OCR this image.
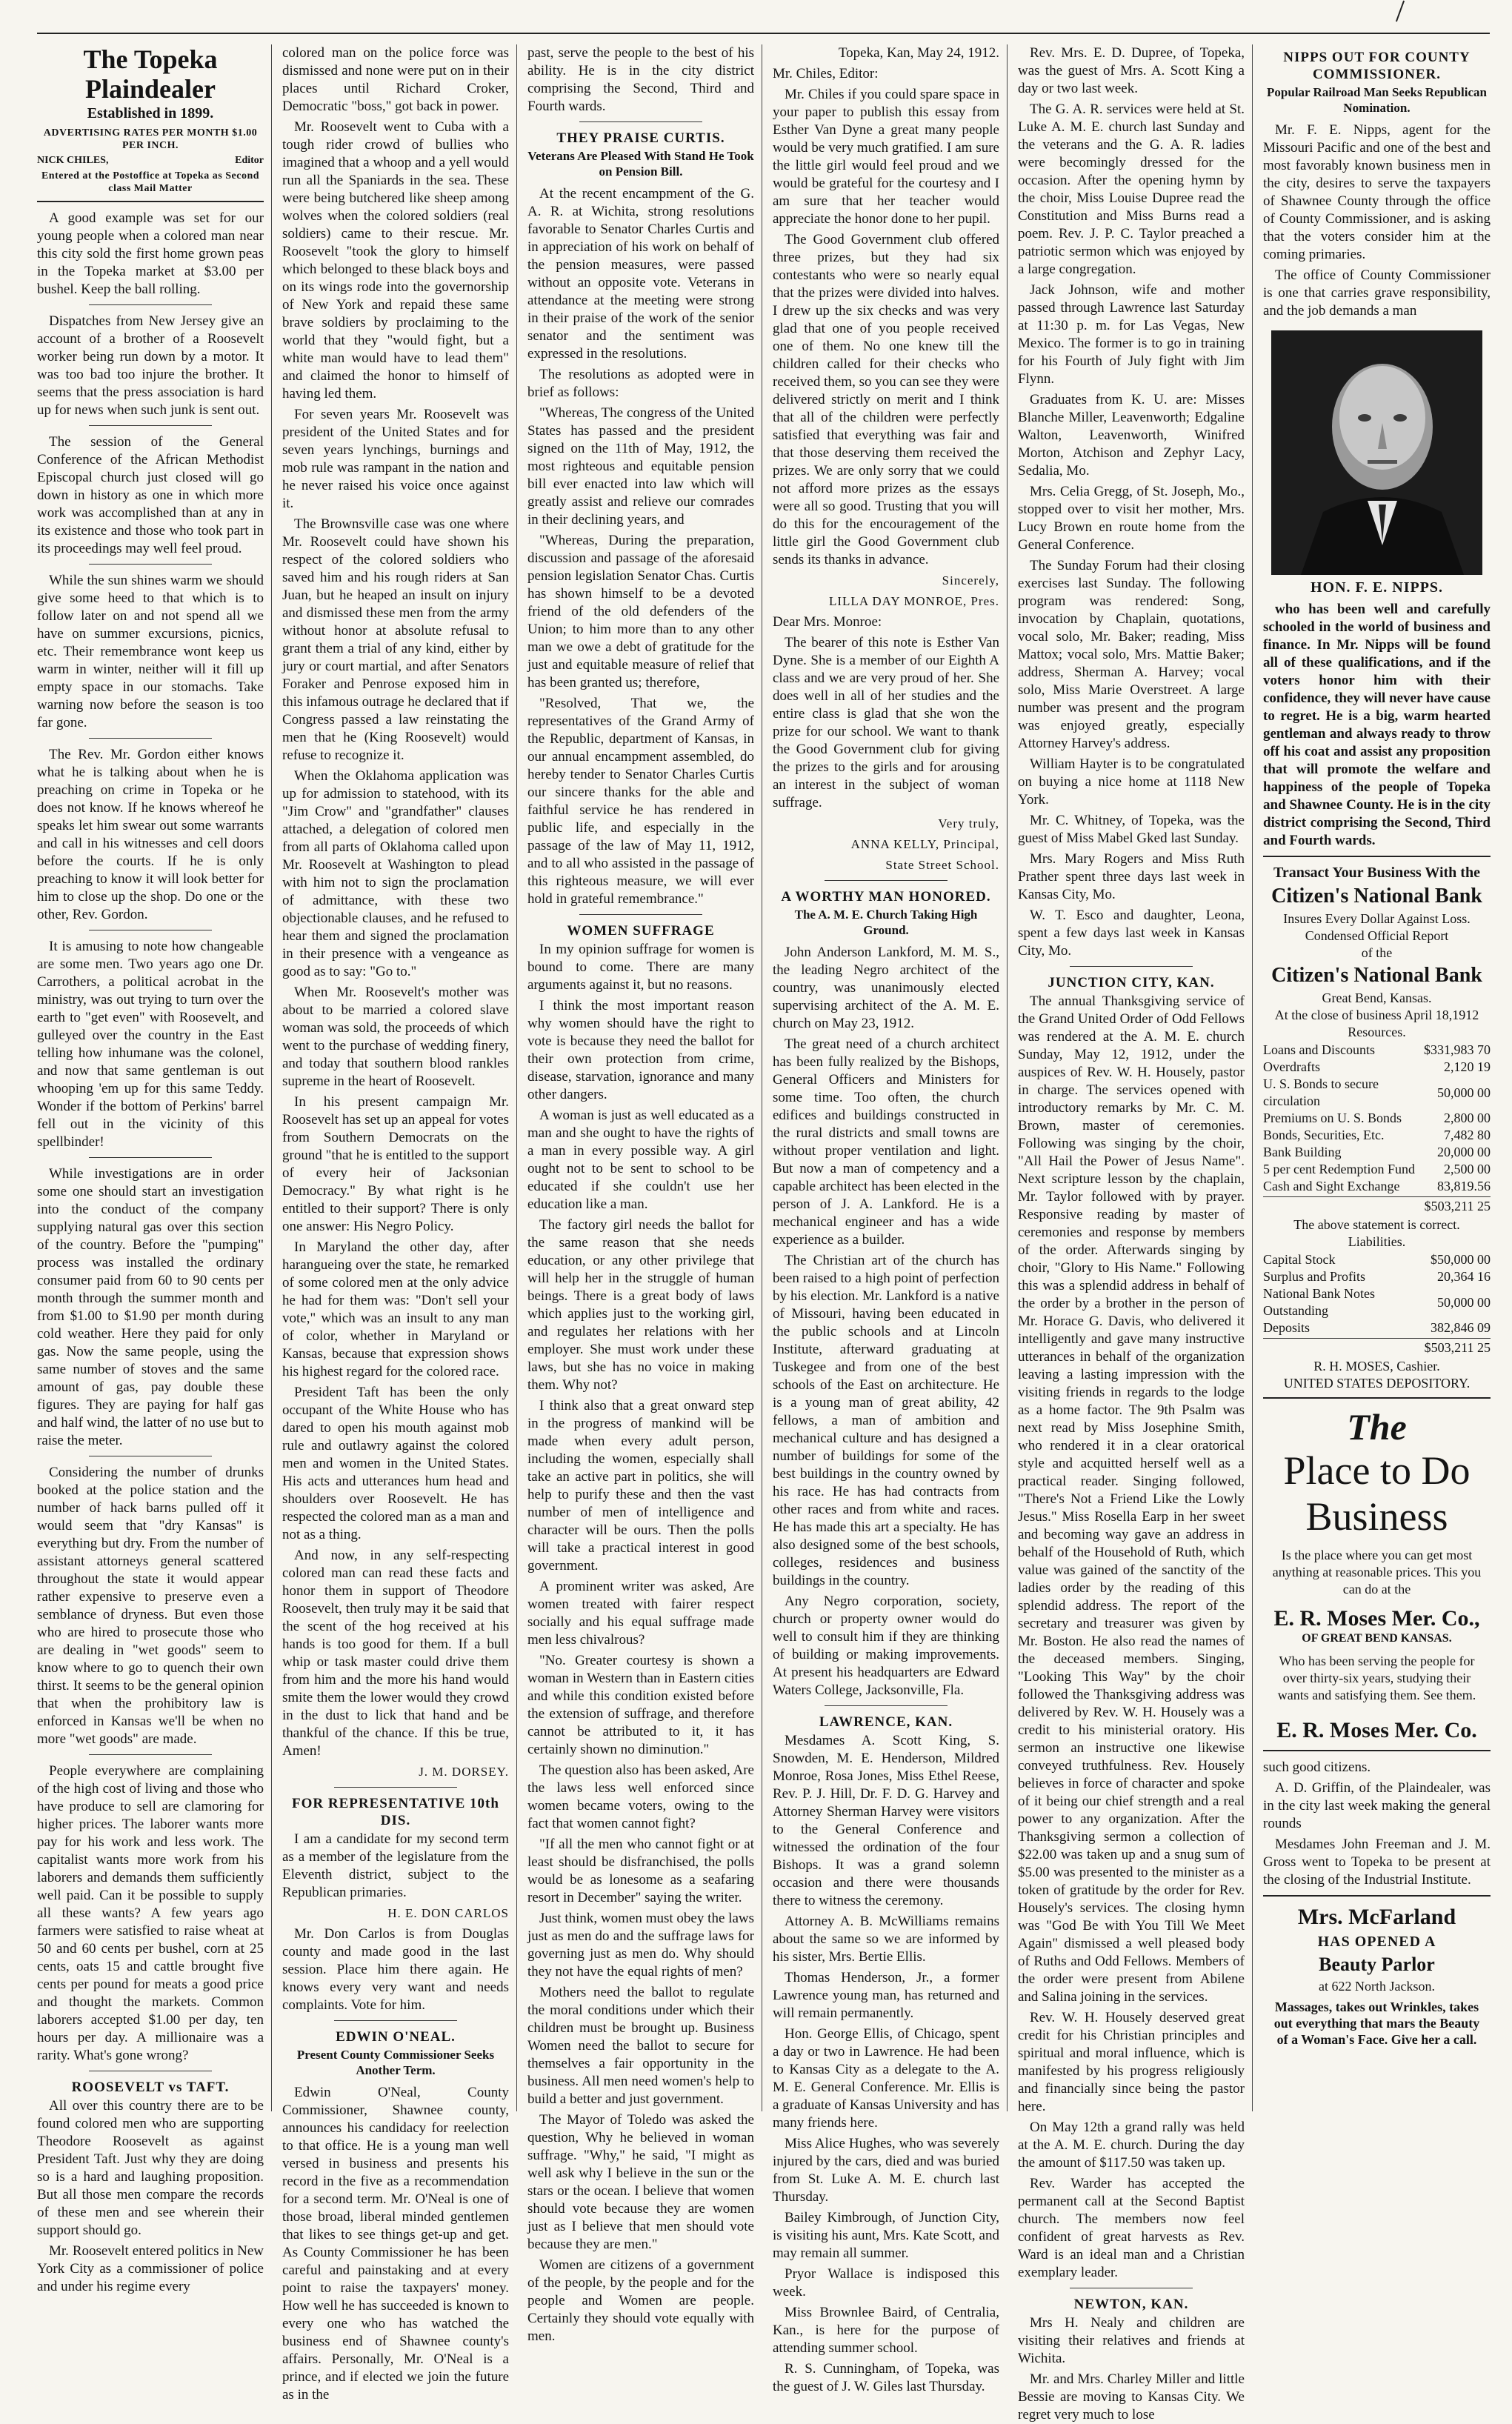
The Topeka Plaindealer
Established in 1899.
ADVERTISING RATES PER MONTH $1.00 PER INCH.
NICK CHILES,	Editor
Entered at the Postoffice at Topeka as Second class Mail Matter

A good example was set for our young people when a colored man near this city sold the first home grown peas in the Topeka market at $3.00 per bushel. Keep the ball rolling.

Dispatches from New Jersey give an account of a brother of a Roosevelt worker being run down by a motor. It was too bad too injure the brother. It seems that the press association is hard up for news when such junk is sent out.

The session of the General Conference of the African Methodist Episcopal church just closed will go down in history as one in which more work was accomplished than at any in its existence and those who took part in its proceedings may well feel proud.

While the sun shines warm we should give some heed to that which is to follow later on and not spend all we have on summer excursions, picnics, etc. Their remembrance wont keep us warm in winter, neither will it fill up empty space in our stomachs. Take warning now before the season is too far gone.

The Rev. Mr. Gordon either knows what he is talking about when he is preaching on crime in Topeka or he does not know. If he knows whereof he speaks let him swear out some warrants and call in his witnesses and cell doors before the courts. If he is only preaching to know it will look better for him to close up the shop. Do one or the other, Rev. Gordon.

It is amusing to note how changeable are some men. Two years ago one Dr. Carrothers, a political acrobat in the ministry, was out trying to turn over the earth to "get even" with Roosevelt, and gulleyed over the country in the East telling how inhumane was the colonel, and now that same gentleman is out whooping 'em up for this same Teddy. Wonder if the bottom of Perkins' barrel fell out in the vicinity of this spellbinder!

While investigations are in order some one should start an investigation into the conduct of the company supplying natural gas over this section of the country. Before the "pumping" process was installed the ordinary consumer paid from 60 to 90 cents per month through the summer month and from $1.00 to $1.90 per month during cold weather. Here they paid for only gas. Now the same people, using the same number of stoves and the same amount of gas, pay double these figures. They are paying for half gas and half wind, the latter of no use but to raise the meter.

Considering the number of drunks booked at the police station and the number of hack barns pulled off it would seem that "dry Kansas" is everything but dry. From the number of assistant attorneys general scattered throughout the state it would appear rather expensive to preserve even a semblance of dryness. But even those who are hired to prosecute those who are dealing in "wet goods" seem to know where to go to quench their own thirst. It seems to be the general opinion that when the prohibitory law is enforced in Kansas we'll be when no more "wet goods" are made.

People everywhere are complaining of the high cost of living and those who have produce to sell are clamoring for higher prices. The laborer wants more pay for his work and less work. The capitalist wants more work from his laborers and demands them sufficiently well paid. Can it be possible to supply all these wants? A few years ago farmers were satisfied to raise wheat at 50 and 60 cents per bushel, corn at 25 cents, oats 15 and cattle brought five cents per pound for meats a good price and thought the markets. Common laborers accepted $1.00 per day, ten hours per day. A millionaire was a rarity. What's gone wrong?

ROOSEVELT vs TAFT.

All over this country there are to be found colored men who are supporting Theodore Roosevelt as against President Taft. Just why they are doing so is a hard and laughing proposition. But all those men compare the records of these men and see wherein their support should go.

Mr. Roosevelt entered politics in New York City as a commissioner of police and under his regime every

colored man on the police force was dismissed and none were put on in their places until Richard Croker, Democratic "boss," got back in power.

Mr. Roosevelt went to Cuba with a tough rider crowd of bullies who imagined that a whoop and a yell would run all the Spaniards in the sea. These were being butchered like sheep among wolves when the colored soldiers (real soldiers) came to their rescue. Mr. Roosevelt "took the glory to himself which belonged to these black boys and on its wings rode into the governorship of New York and repaid these same brave soldiers by proclaiming to the world that they "would fight, but a white man would have to lead them" and claimed the honor to himself of having led them.

For seven years Mr. Roosevelt was president of the United States and for seven years lynchings, burnings and mob rule was rampant in the nation and he never raised his voice once against it.

The Brownsville case was one where Mr. Roosevelt could have shown his respect of the colored soldiers who saved him and his rough riders at San Juan, but he heaped an insult on injury and dismissed these men from the army without honor at absolute refusal to grant them a trial of any kind, either by jury or court martial, and after Senators Foraker and Penrose exposed him in this infamous outrage he declared that if Congress passed a law reinstating the men that he (King Roosevelt) would refuse to recognize it.

When the Oklahoma application was up for admission to statehood, with its "Jim Crow" and "grandfather" clauses attached, a delegation of colored men from all parts of Oklahoma called upon Mr. Roosevelt at Washington to plead with him not to sign the proclamation of admittance, with these two objectionable clauses, and he refused to hear them and signed the proclamation in their presence with a vengeance as good as to say: "Go to."

When Mr. Roosevelt's mother was about to be married a colored slave woman was sold, the proceeds of which went to the purchase of wedding finery, and today that southern blood rankles supreme in the heart of Roosevelt.

In his present campaign Mr. Roosevelt has set up an appeal for votes from Southern Democrats on the ground "that he is entitled to the support of every heir of Jacksonian Democracy." By what right is he entitled to their support? There is only one answer: His Negro Policy.

In Maryland the other day, after harangueing over the state, he remarked of some colored men at the only advice he had for them was: "Don't sell your vote," which was an insult to any man of color, whether in Maryland or Kansas, because that expression shows his highest regard for the colored race.

President Taft has been the only occupant of the White House who has dared to open his mouth against mob rule and outlawry against the colored men and women in the United States. His acts and utterances hum head and shoulders over Roosevelt. He has respected the colored man as a man and not as a thing.

And now, in any self-respecting colored man can read these facts and honor them in support of Theodore Roosevelt, then truly may it be said that the scent of the hog received at his hands is too good for them. If a bull whip or task master could drive them from him and the more his hand would smite them the lower would they crowd in the dust to lick that hand and be thankful of the chance. If this be true, Amen!

J. M. DORSEY.

FOR REPRESENTATIVE 10th DIS.

I am a candidate for my second term as a member of the legislature from the Eleventh district, subject to the Republican primaries.

H. E. DON CARLOS

Mr. Don Carlos is from Douglas county and made good in the last session. Place him there again. He knows every very want and needs complaints. Vote for him.

EDWIN O'NEAL.
Present County Commissioner Seeks Another Term.

Edwin O'Neal, County Commissioner, Shawnee county, announces his candidacy for reelection to that office. He is a young man well versed in business and presents his record in the five as a recommendation for a second term. Mr. O'Neal is one of those broad, liberal minded gentlemen that likes to see things get-up and get. As County Commissioner he has been careful and painstaking and at every point to raise the taxpayers' money. How well he has succeeded is known to every one who has watched the business end of Shawnee county's affairs. Personally, Mr. O'Neal is a prince, and if elected we join the future as in the

past, serve the people to the best of his ability. He is in the city district comprising the Second, Third and Fourth wards.

THEY PRAISE CURTIS.
Veterans Are Pleased With Stand He Took on Pension Bill.

At the recent encampment of the G. A. R. at Wichita, strong resolutions favorable to Senator Charles Curtis and in appreciation of his work on behalf of the pension measures, were passed without an opposite vote. Veterans in attendance at the meeting were strong in their praise of the work of the senior senator and the sentiment was expressed in the resolutions.

The resolutions as adopted were in brief as follows:

"Whereas, The congress of the United States has passed and the president signed on the 11th of May, 1912, the most righteous and equitable pension bill ever enacted into law which will greatly assist and relieve our comrades in their declining years, and

"Whereas, During the preparation, discussion and passage of the aforesaid pension legislation Senator Chas. Curtis has shown himself to be a devoted friend of the old defenders of the Union; to him more than to any other man we owe a debt of gratitude for the just and equitable measure of relief that has been granted us; therefore,

"Resolved, That we, the representatives of the Grand Army of the Republic, department of Kansas, in our annual encampment assembled, do hereby tender to Senator Charles Curtis our sincere thanks for the able and faithful service he has rendered in public life, and especially in the passage of the law of May 11, 1912, and to all who assisted in the passage of this righteous measure, we will ever hold in grateful remembrance."

WOMEN SUFFRAGE

In my opinion suffrage for women is bound to come. There are many arguments against it, but no reasons.

I think the most important reason why women should have the right to vote is because they need the ballot for their own protection from crime, disease, starvation, ignorance and many other dangers.

A woman is just as well educated as a man and she ought to have the rights of a man in every possible way. A girl ought not to be sent to school to be educated if she couldn't use her education like a man.

The factory girl needs the ballot for the same reason that she needs education, or any other privilege that will help her in the struggle of human beings. There is a great body of laws which applies just to the working girl, and regulates her relations with her employer. She must work under these laws, but she has no voice in making them. Why not?

I think also that a great onward step in the progress of mankind will be made when every adult person, including the women, especially shall take an active part in politics, she will help to purify these and then the vast number of men of intelligence and character will be ours. Then the polls will take a practical interest in good government.

A prominent writer was asked, Are women treated with fairer respect socially and his equal suffrage made men less chivalrous?

"No. Greater courtesy is shown a woman in Western than in Eastern cities and while this condition existed before the extension of suffrage, and therefore cannot be attributed to it, it has certainly shown no diminution."

The question also has been asked, Are the laws less well enforced since women became voters, owing to the fact that women cannot fight?

"If all the men who cannot fight or at least should be disfranchised, the polls would be as lonesome as a seafaring resort in December" saying the writer.

Just think, women must obey the laws just as men do and the suffrage laws for governing just as men do. Why should they not have the equal rights of men?

Mothers need the ballot to regulate the moral conditions under which their children must be brought up. Business Women need the ballot to secure for themselves a fair opportunity in the business. All men need women's help to build a better and just government.

The Mayor of Toledo was asked the question, Why he believed in woman suffrage. "Why," he said, "I might as well ask why I believe in the sun or the stars or the ocean. I believe that women should vote because they are women just as I believe that men should vote because they are men."

Women are citizens of a government of the people, by the people and for the people and Women are people. Certainly they should vote equally with men.

Topeka, Kan, May 24, 1912.

Mr. Chiles, Editor:

Mr. Chiles if you could spare space in your paper to publish this essay from Esther Van Dyne a great many people would be very much gratified. I am sure the little girl would feel proud and we would be grateful for the courtesy and I am sure that her teacher would appreciate the honor done to her pupil.

The Good Government club offered three prizes, but they had six contestants who were so nearly equal that the prizes were divided into halves. I drew up the six checks and was very glad that one of you people received one of them. No one knew till the children called for their checks who received them, so you can see they were delivered strictly on merit and I think that all of the children were perfectly satisfied that everything was fair and that those deserving them received the prizes. We are only sorry that we could not afford more prizes as the essays were all so good. Trusting that you will do this for the encouragement of the little girl the Good Government club sends its thanks in advance.

Sincerely,

LILLA DAY MONROE, Pres.

Dear Mrs. Monroe:

The bearer of this note is Esther Van Dyne. She is a member of our Eighth A class and we are very proud of her. She does well in all of her studies and the entire class is glad that she won the prize for our school. We want to thank the Good Government club for giving the prizes to the girls and for arousing an interest in the subject of woman suffrage.

Very truly,

ANNA KELLY, Principal,

State Street School.

A WORTHY MAN HONORED.
The A. M. E. Church Taking High Ground.

John Anderson Lankford, M. M. S., the leading Negro architect of the country, was unanimously elected supervising architect of the A. M. E. church on May 23, 1912.

The great need of a church architect has been fully realized by the Bishops, General Officers and Ministers for some time. Too often, the church edifices and buildings constructed in the rural districts and small towns are without proper ventilation and light. But now a man of competency and a capable architect has been elected in the person of J. A. Lankford. He is a mechanical engineer and has a wide experience as a builder.

The Christian art of the church has been raised to a high point of perfection by his election. Mr. Lankford is a native of Missouri, having been educated in the public schools and at Lincoln Institute, afterward graduating at Tuskegee and from one of the best schools of the East on architecture. He is a young man of great ability, 42 fellows, a man of ambition and mechanical culture and has designed a number of buildings for some of the best buildings in the country owned by his race. He has had contracts from other races and from white and races. He has made this art a specialty. He has also designed some of the best schools, colleges, residences and business buildings in the country.

Any Negro corporation, society, church or property owner would do well to consult him if they are thinking of building or making improvements. At present his headquarters are Edward Waters College, Jacksonville, Fla.

LAWRENCE, KAN.

Mesdames A. Scott King, S. Snowden, M. E. Henderson, Mildred Monroe, Rosa Jones, Miss Ethel Reese, Rev. P. J. Hill, Dr. F. D. G. Harvey and Attorney Sherman Harvey were visitors to the General Conference and witnessed the ordination of the four Bishops. It was a grand solemn occasion and there were thousands there to witness the ceremony.

Attorney A. B. McWilliams remains about the same so we are informed by his sister, Mrs. Bertie Ellis.

Thomas Henderson, Jr., a former Lawrence young man, has returned and will remain permanently.

Hon. George Ellis, of Chicago, spent a day or two in Lawrence. He had been to Kansas City as a delegate to the A. M. E. General Conference. Mr. Ellis is a graduate of Kansas University and has many friends here.

Miss Alice Hughes, who was severely injured by the cars, died and was buried from St. Luke A. M. E. church last Thursday.

Bailey Kimbrough, of Junction City, is visiting his aunt, Mrs. Kate Scott, and may remain all summer.

Pryor Wallace is indisposed this week.

Miss Brownlee Baird, of Centralia, Kan., is here for the purpose of attending summer school.

R. S. Cunningham, of Topeka, was the guest of J. W. Giles last Thursday.

Rev. Mrs. E. D. Dupree, of Topeka, was the guest of Mrs. A. Scott King a day or two last week.

The G. A. R. services were held at St. Luke A. M. E. church last Sunday and the veterans and the G. A. R. ladies were becomingly dressed for the occasion. After the opening hymn by the choir, Miss Louise Dupree read the Constitution and Miss Burns read a poem. Rev. J. P. C. Taylor preached a patriotic sermon which was enjoyed by a large congregation.

Jack Johnson, wife and mother passed through Lawrence last Saturday at 11:30 p. m. for Las Vegas, New Mexico. The former is to go in training for his Fourth of July fight with Jim Flynn.

Graduates from K. U. are: Misses Blanche Miller, Leavenworth; Edgaline Walton, Leavenworth, Winifred Morton, Atchison and Zephyr Lacy, Sedalia, Mo.

Mrs. Celia Gregg, of St. Joseph, Mo., stopped over to visit her mother, Mrs. Lucy Brown en route home from the General Conference.

The Sunday Forum had their closing exercises last Sunday. The following program was rendered: Song, invocation by Chaplain, quotations, vocal solo, Mr. Baker; reading, Miss Mattox; vocal solo, Mrs. Mattie Baker; address, Sherman A. Harvey; vocal solo, Miss Marie Overstreet. A large number was present and the program was enjoyed greatly, especially Attorney Harvey's address.

William Hayter is to be congratulated on buying a nice home at 1118 New York.

Mr. C. Whitney, of Topeka, was the guest of Miss Mabel Gked last Sunday.

Mrs. Mary Rogers and Miss Ruth Prather spent three days last week in Kansas City, Mo.

W. T. Esco and daughter, Leona, spent a few days last week in Kansas City, Mo.

JUNCTION CITY, KAN.

The annual Thanksgiving service of the Grand United Order of Odd Fellows was rendered at the A. M. E. church Sunday, May 12, 1912, under the auspices of Rev. W. H. Housely, pastor in charge. The services opened with introductory remarks by Mr. C. M. Brown, master of ceremonies. Following was singing by the choir, "All Hail the Power of Jesus Name". Next scripture lesson by the chaplain, Mr. Taylor followed with by prayer. Responsive reading by master of ceremonies and response by members of the order. Afterwards singing by choir, "Glory to His Name." Following this was a splendid address in behalf of the order by a brother in the person of Mr. Horace G. Davis, who delivered it intelligently and gave many instructive utterances in behalf of the organization leaving a lasting impression with the visiting friends in regards to the lodge as a home factor. The 9th Psalm was next read by Miss Josephine Smith, who rendered it in a clear oratorical style and acquitted herself well as a practical reader. Singing followed, "There's Not a Friend Like the Lowly Jesus." Miss Rosella Earp in her sweet and becoming way gave an address in behalf of the Household of Ruth, which value was gained of the sanctity of the ladies order by the reading of this splendid address. The report of the secretary and treasurer was given by Mr. Boston. He also read the names of the deceased members. Singing, "Looking This Way" by the choir followed the Thanksgiving address was delivered by Rev. W. H. Housely was a credit to his ministerial oratory. His sermon an instructive one likewise conveyed truthfulness. Rev. Housely believes in force of character and spoke of it being our chief strength and a real power to any organization. After the Thanksgiving sermon a collection of $22.00 was taken up and a snug sum of $5.00 was presented to the minister as a token of gratitude by the order for Rev. Housely's services. The closing hymn was "God Be with You Till We Meet Again" dismissed a well pleased body of Ruths and Odd Fellows. Members of the order were present from Abilene and Salina joining in the services.

Rev. W. H. Housely deserved great credit for his Christian principles and spiritual and moral influence, which is manifested by his progress religiously and financially since being the pastor here.

On May 12th a grand rally was held at the A. M. E. church. During the day the amount of $117.50 was taken up.

Rev. Warder has accepted the permanent call at the Second Baptist church. The members now feel confident of great harvests as Rev. Ward is an ideal man and a Christian exemplary leader.

NEWTON, KAN.

Mrs H. Nealy and children are visiting their relatives and friends at Wichita.

Mr. and Mrs. Charley Miller and little Bessie are moving to Kansas City. We regret very much to lose

NIPPS OUT FOR COUNTY COMMISSIONER.
Popular Railroad Man Seeks Republican Nomination.

Mr. F. E. Nipps, agent for the Missouri Pacific and one of the best and most favorably known business men in the city, desires to serve the taxpayers of Shawnee County through the office of County Commissioner, and is asking that the voters consider him at the coming primaries.

The office of County Commissioner is one that carries grave responsibility, and the job demands a man

HON. F. E. NIPPS.

who has been well and carefully schooled in the world of business and finance. In Mr. Nipps will be found all of these qualifications, and if the voters honor him with their confidence, they will never have cause to regret. He is a big, warm hearted gentleman and always ready to throw off his coat and assist any proposition that will promote the welfare and happiness of the people of Topeka and Shawnee County. He is in the city district comprising the Second, Third and Fourth wards.

Transact Your Business With the
Citizen's National Bank
Insures Every Dollar Against Loss.
Condensed Official Report
of the
Citizen's National Bank
Great Bend, Kansas.
At the close of business April 18,1912
Resources.
Loans and Discounts	$331,983 70
Overdrafts	2,120 19
U. S. Bonds to secure circulation	50,000 00
Premiums on U. S. Bonds	2,800 00
Bonds, Securities, Etc.	7,482 80
Bank Building	20,000 00
5 per cent Redemption Fund	2,500 00
Cash and Sight Exchange	83,819.56
$503,211 25
The above statement is correct.
Liabilities.
Capital Stock	$50,000 00
Surplus and Profits	20,364 16
National Bank Notes Outstanding	50,000 00
Deposits	382,846 09
$503,211 25
R. H. MOSES, Cashier.
UNITED STATES DEPOSITORY.
The
Place to Do
Business
Is the place where you can get most anything at reasonable prices. This you can do at the
E. R. Moses Mer. Co.,
OF GREAT BEND KANSAS.
Who has been serving the people for over thirty-six years, studying their wants and satisfying them. See them.
E. R. Moses Mer. Co.

such good citizens.

A. D. Griffin, of the Plaindealer, was in the city last week making the general rounds

Mesdames John Freeman and J. M. Gross went to Topeka to be present at the closing of the Industrial Institute.

Mrs. McFarland
HAS OPENED A
Beauty Parlor
at 622 North Jackson.
Massages, takes out Wrinkles, takes out everything that mars the Beauty of a Woman's Face. Give her a call.
